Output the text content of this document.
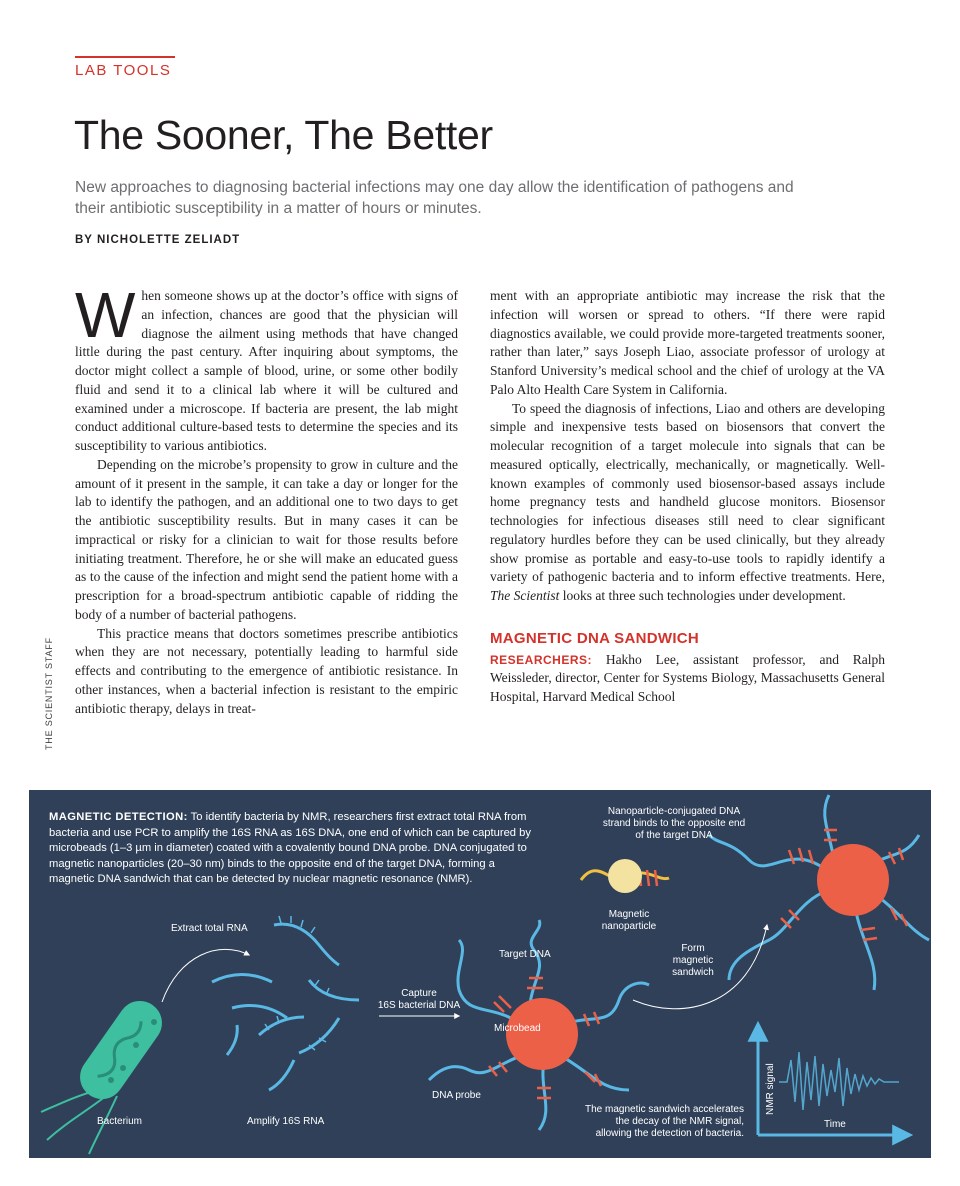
LAB TOOLS
The Sooner, The Better
New approaches to diagnosing bacterial infections may one day allow the identification of pathogens and their antibiotic susceptibility in a matter of hours or minutes.
BY NICHOLETTE ZELIADT
THE SCIENTIST STAFF

When someone shows up at the doctor’s office with signs of an infection, chances are good that the physician will diagnose the ailment using methods that have changed little during the past century. After inquiring about symptoms, the doctor might collect a sample of blood, urine, or some other bodily fluid and send it to a clinical lab where it will be cultured and examined under a microscope. If bacteria are present, the lab might conduct additional culture-based tests to determine the species and its susceptibility to various antibiotics.

Depending on the microbe’s propensity to grow in culture and the amount of it present in the sample, it can take a day or longer for the lab to identify the pathogen, and an additional one to two days to get the antibiotic susceptibility results. But in many cases it can be impractical or risky for a clinician to wait for those results before initiating treatment. Therefore, he or she will make an educated guess as to the cause of the infection and might send the patient home with a prescription for a broad-spectrum antibiotic capable of ridding the body of a number of bacterial pathogens.

This practice means that doctors sometimes prescribe antibiotics when they are not necessary, potentially leading to harmful side effects and contributing to the emergence of antibiotic resistance. In other instances, when a bacterial infection is resistant to the empiric antibiotic therapy, delays in treat-

ment with an appropriate antibiotic may increase the risk that the infection will worsen or spread to others. “If there were rapid diagnostics available, we could provide more-targeted treatments sooner, rather than later,” says Joseph Liao, associate professor of urology at Stanford University’s medical school and the chief of urology at the VA Palo Alto Health Care System in California.

To speed the diagnosis of infections, Liao and others are developing simple and inexpensive tests based on biosensors that convert the molecular recognition of a target molecule into signals that can be measured optically, electrically, mechanically, or magnetically. Well-known examples of commonly used biosensor-based assays include home pregnancy tests and handheld glucose monitors. Biosensor technologies for infectious diseases still need to clear significant regulatory hurdles before they can be used clinically, but they already show promise as portable and easy-to-use tools to rapidly identify a variety of pathogenic bacteria and to inform effective treatments. Here, The Scientist looks at three such technologies under development.

MAGNETIC DNA SANDWICH

RESEARCHERS: Hakho Lee, assistant professor, and Ralph Weissleder, director, Center for Systems Biology, Massachusetts General Hospital, Harvard Medical School

MAGNETIC DETECTION: To identify bacteria by NMR, researchers first extract total RNA from bacteria and use PCR to amplify the 16S RNA as 16S DNA, one end of which can be captured by microbeads (1–3 µm in diameter) coated with a covalently bound DNA probe. DNA conjugated to magnetic nanoparticles (20–30 nm) binds to the opposite end of the target DNA, forming a magnetic DNA sandwich that can be detected by nuclear magnetic resonance (NMR).
Extract total RNA
Bacterium	Amplify 16S RNA
Capture
16S bacterial DNA
Target DNA
Microbead
DNA probe
Nanoparticle-conjugated DNA
strand binds to the opposite end
of the target DNA
Magnetic
nanoparticle
Form
magnetic
sandwich
The magnetic sandwich accelerates
the decay of the NMR signal,
allowing the detection of bacteria.
NMR signal
Time
